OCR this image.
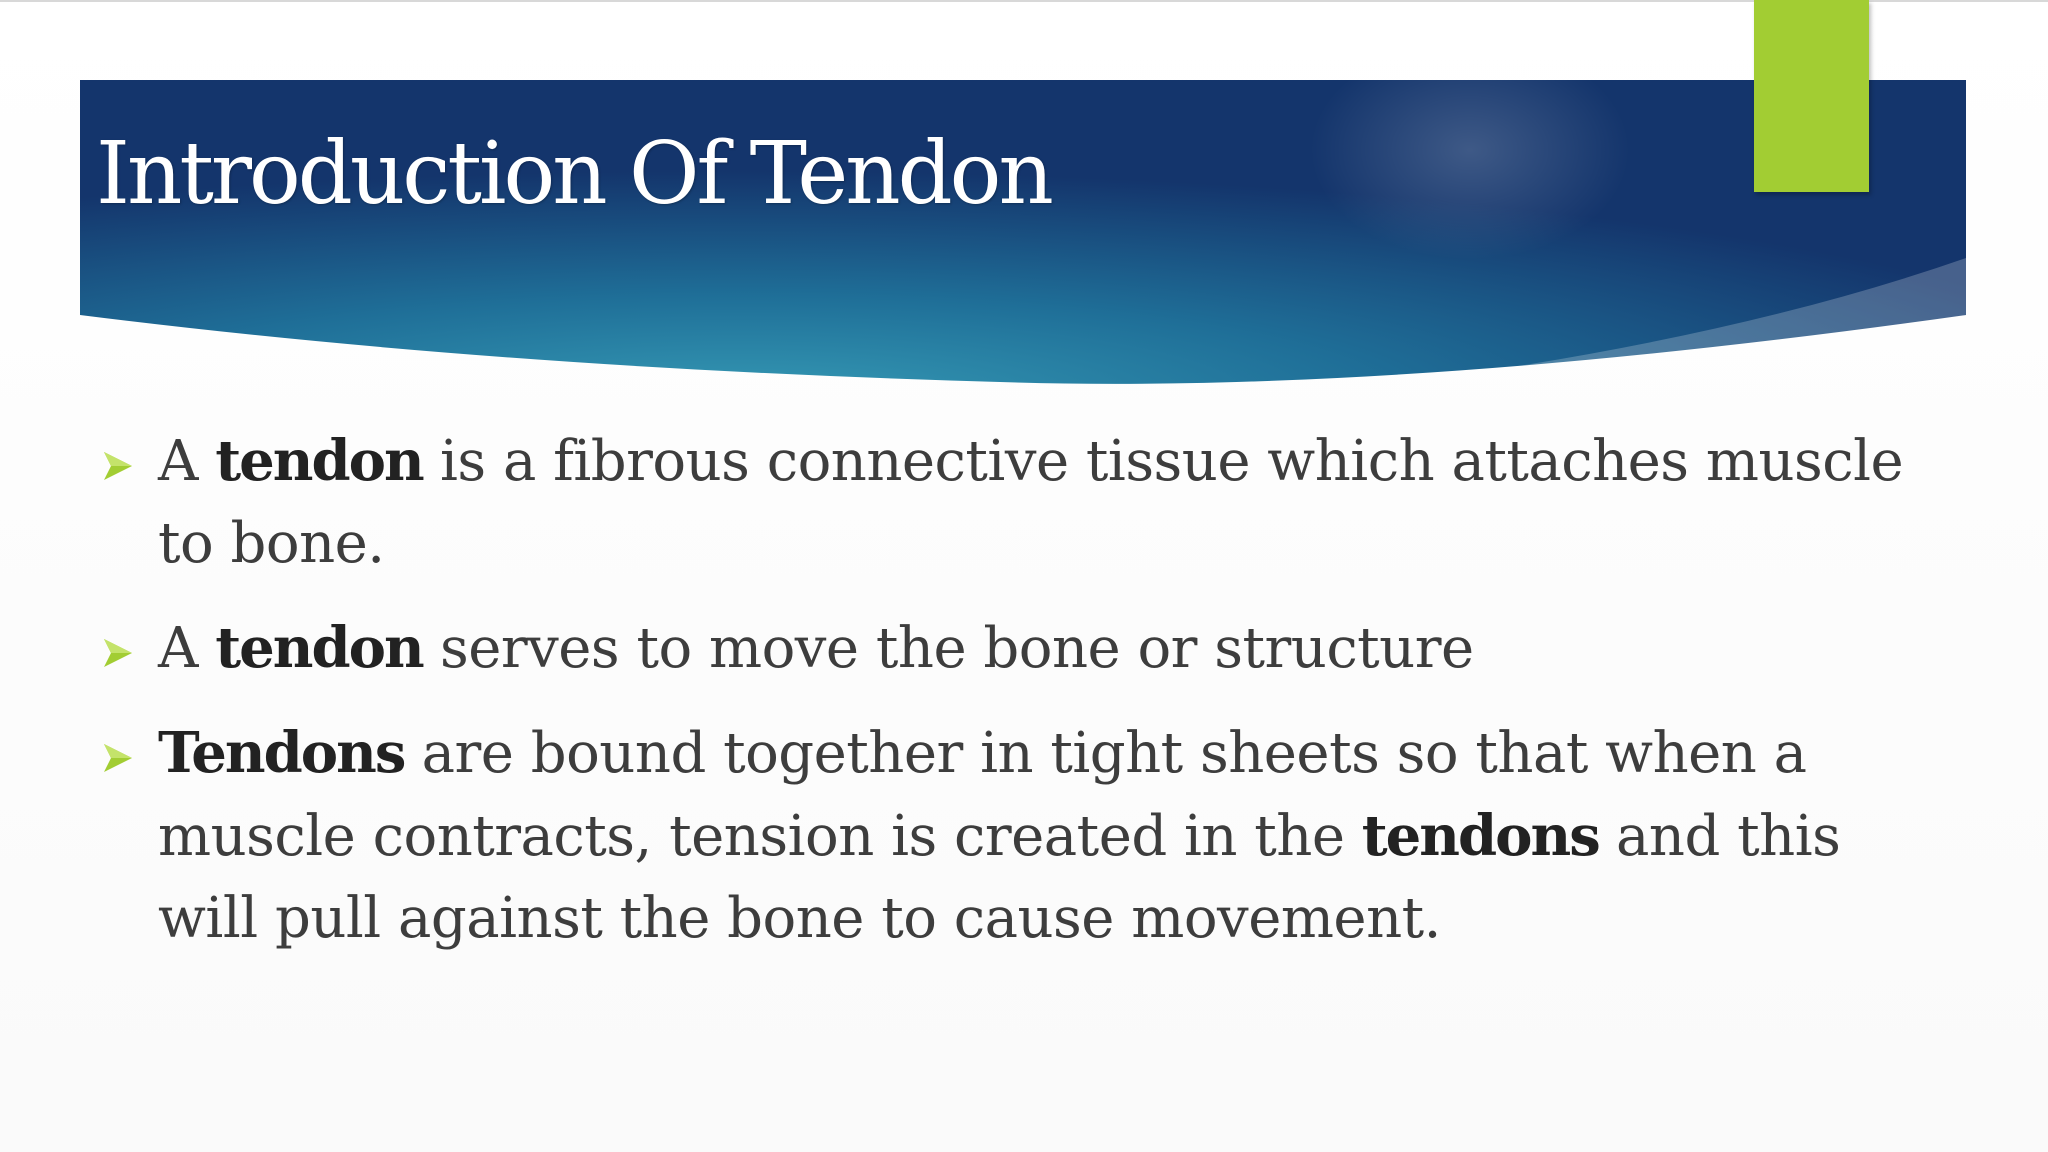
Introduction Of Tendon
A tendon is a fibrous connective tissue which attaches muscle to bone.
A tendon serves to move the bone or structure
Tendons are bound together in tight sheets so that when a muscle contracts, tension is created in the tendons and this will pull against the bone to cause movement.
